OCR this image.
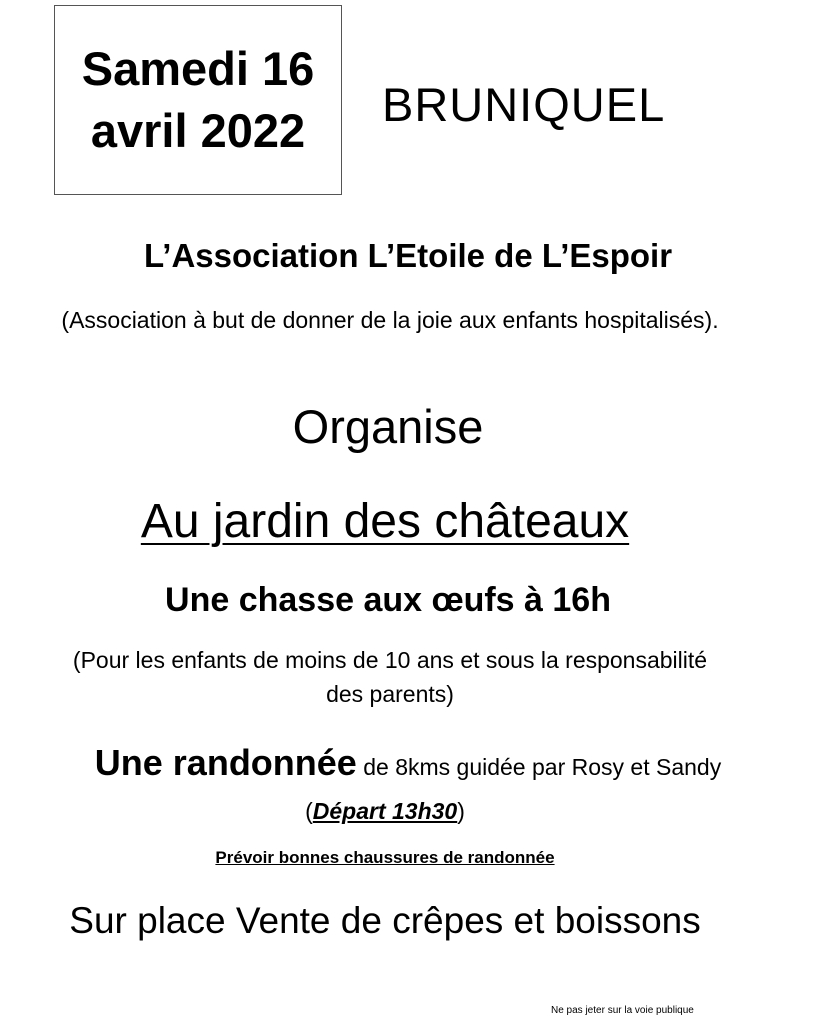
Samedi 16
avril 2022 BRUNIQUEL
L’Association L’Etoile de L’Espoir
(Association à but de donner de la joie aux enfants hospitalisés).
Organise
Au jardin des châteaux
Une chasse aux œufs à 16h
(Pour les enfants de moins de 10 ans et sous la responsabilité des parents)
Une randonnée de 8kms guidée par Rosy et Sandy
(Départ 13h30)
Prévoir bonnes chaussures de randonnée
Sur place Vente de crêpes et boissons
Ne pas jeter sur la voie publique
